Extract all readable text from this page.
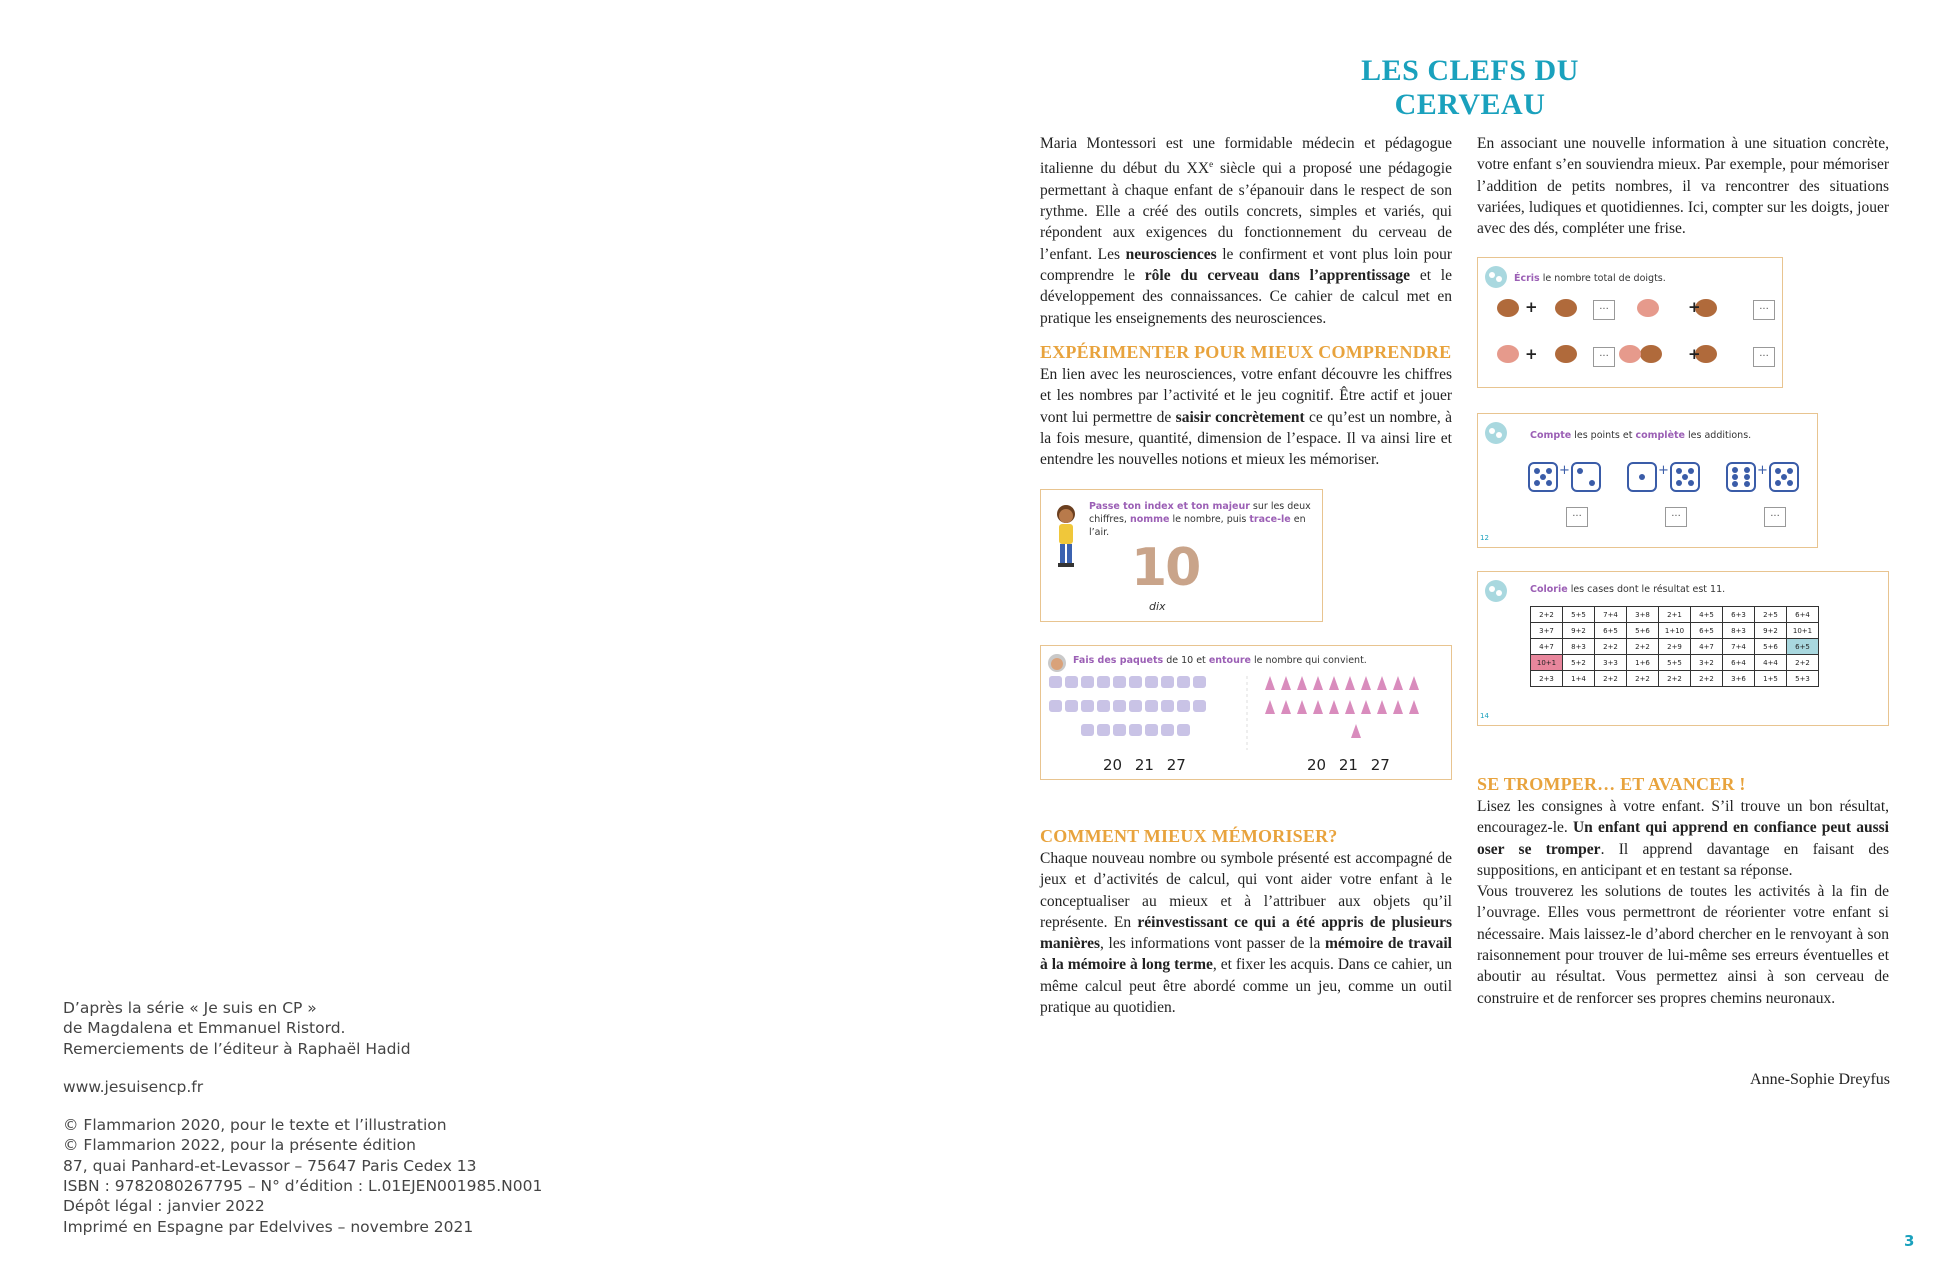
D’après la série « Je suis en CP »

de Magdalena et Emmanuel Ristord.

Remerciements de l’éditeur à Raphaël Hadid

www.jesuisencp.fr

© Flammarion 2020, pour le texte et l’illustration

© Flammarion 2022, pour la présente édition

87, quai Panhard-et-Levassor – 75647 Paris Cedex 13

ISBN : 9782080267795 – N° d’édition : L.01EJEN001985.N001

Dépôt légal : janvier 2022

Imprimé en Espagne par Edelvives – novembre 2021

LES CLEFS DU CERVEAU

Maria Montessori est une formidable médecin et pédagogue italienne du début du XXe siècle qui a proposé une pédagogie permettant à chaque enfant de s’épanouir dans le respect de son rythme. Elle a créé des outils concrets, simples et variés, qui répondent aux exigences du fonctionnement du cerveau de l’enfant. Les neurosciences le confirment et vont plus loin pour comprendre le rôle du cerveau dans l’apprentissage et le développement des connaissances. Ce cahier de calcul met en pratique les enseignements des neurosciences.

EXPÉRIMENTER POUR MIEUX COMPRENDRE

En lien avec les neurosciences, votre enfant découvre les chiffres et les nombres par l’activité et le jeu cognitif. Être actif et jouer vont lui permettre de saisir concrètement ce qu’est un nombre, à la fois mesure, quantité, dimension de l’espace. Il va ainsi lire et entendre les nouvelles notions et mieux les mémoriser.

Passe ton index et ton majeur sur les deux chiffres, nomme le nombre, puis trace-le en l’air.
10
dix
Fais des paquets de 10 et entoure le nombre qui convient.
20 21 27	20 21 27
COMMENT MIEUX MÉMORISER?

Chaque nouveau nombre ou symbole présenté est accompagné de jeux et d’activités de calcul, qui vont aider votre enfant à le conceptualiser au mieux et à l’attribuer aux objets qu’il représente. En réinvestissant ce qui a été appris de plusieurs manières, les informations vont passer de la mémoire de travail à la mémoire à long terme, et fixer les acquis. Dans ce cahier, un même calcul peut être abordé comme un jeu, comme un outil pratique au quotidien.

En associant une nouvelle information à une situation concrète, votre enfant s’en souviendra mieux. Par exemple, pour mémoriser l’addition de petits nombres, il va rencontrer des situations variées, ludiques et quotidiennes. Ici, compter sur les doigts, jouer avec des dés, compléter une frise.

Écris le nombre total de doigts.
+
+
+
+
...
...
...
...
Compte les points et complète les additions.
+	+	+
...	...	...
12
Colorie les cases dont le résultat est 11.
2+2	5+5	7+4	3+8	2+1	4+5	6+3	2+5	6+4
3+7	9+2	6+5	5+6	1+10	6+5	8+3	9+2	10+1
4+7	8+3	2+2	2+2	2+9	4+7	7+4	5+6	6+5
10+1	5+2	3+3	1+6	5+5	3+2	6+4	4+4	2+2
2+3	1+4	2+2	2+2	2+2	2+2	3+6	1+5	5+3
14
SE TROMPER… ET AVANCER !

Lisez les consignes à votre enfant. S’il trouve un bon résultat, encouragez-le. Un enfant qui apprend en confiance peut aussi oser se tromper. Il apprend davantage en faisant des suppositions, en anticipant et en testant sa réponse.

Vous trouverez les solutions de toutes les activités à la fin de l’ouvrage. Elles vous permettront de réorienter votre enfant si nécessaire. Mais laissez-le d’abord chercher en le renvoyant à son raisonnement pour trouver de lui-même ses erreurs éventuelles et aboutir au résultat. Vous permettez ainsi à son cerveau de construire et de renforcer ses propres chemins neuronaux.

Anne-Sophie Dreyfus
3
